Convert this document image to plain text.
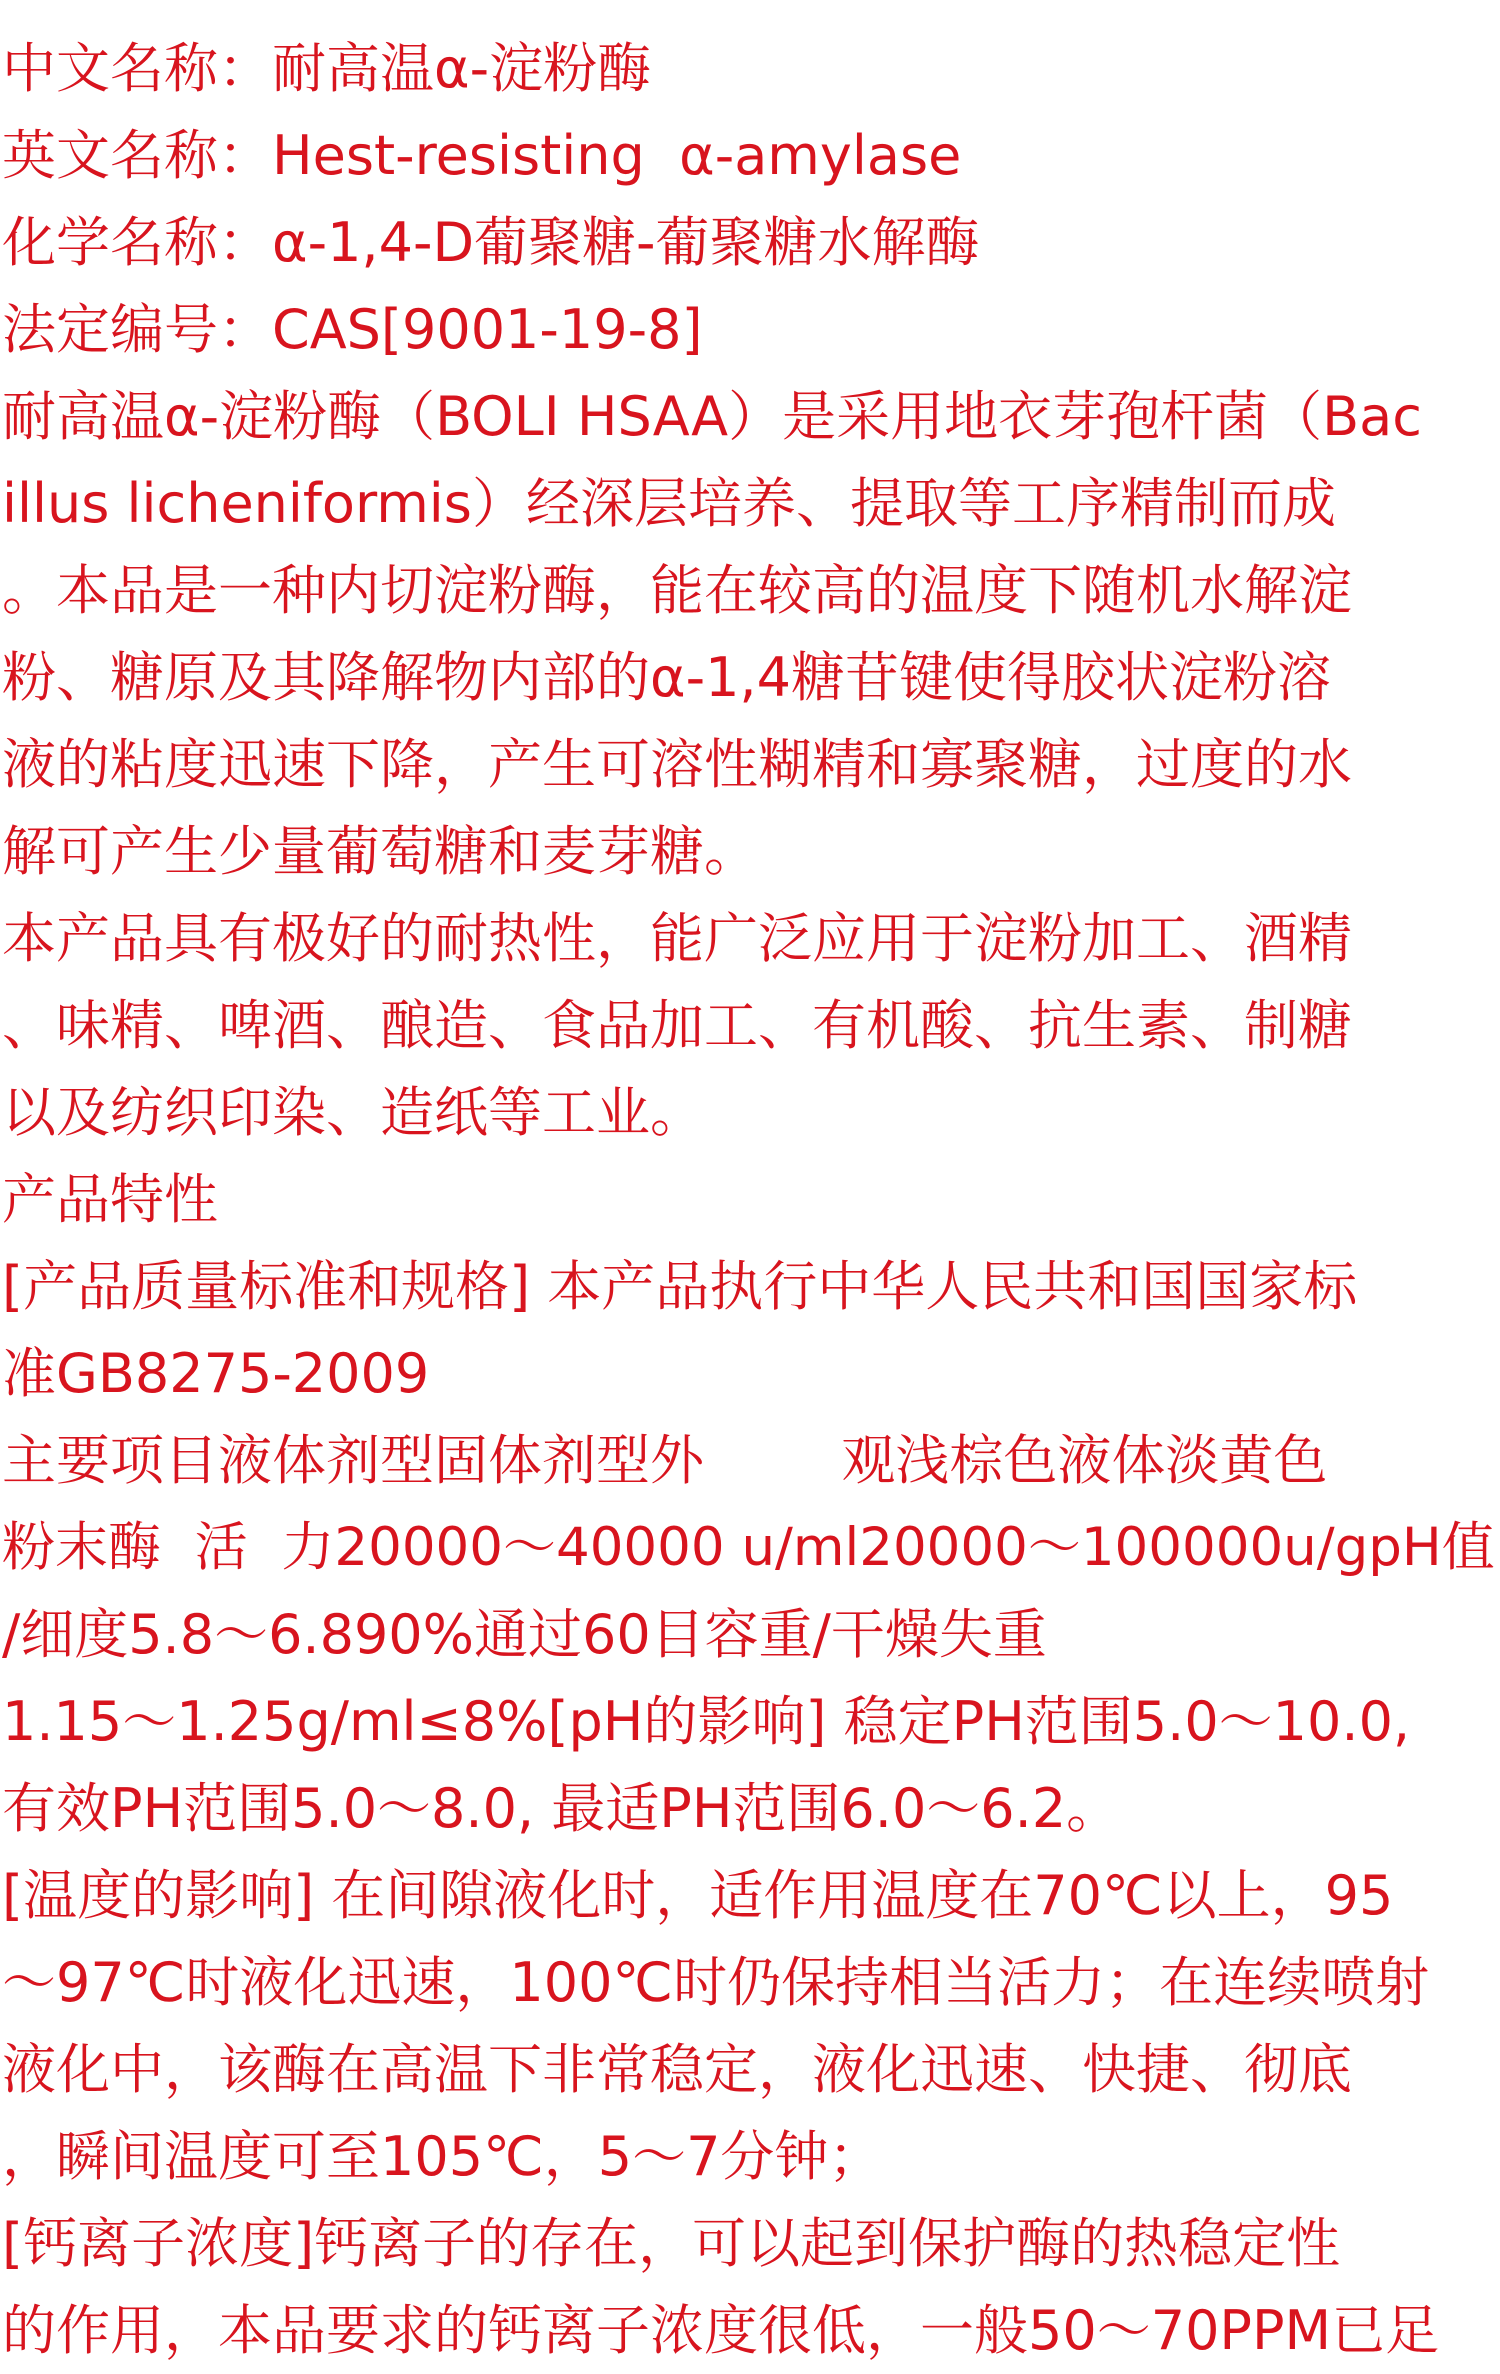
中文名称：耐高温α-淀粉酶
英文名称：Hest-resisting  α-amylase
化学名称：α-1,4-D葡聚糖-葡聚糖水解酶
法定编号：CAS[9001-19-8]
耐高温α-淀粉酶（BOLI HSAA）是采用地衣芽孢杆菌（Bac
illus licheniformis）经深层培养、提取等工序精制而成
。本品是一种内切淀粉酶，能在较高的温度下随机水解淀
粉、糖原及其降解物内部的α-1,4糖苷键使得胶状淀粉溶
液的粘度迅速下降，产生可溶性糊精和寡聚糖，过度的水
解可产生少量葡萄糖和麦芽糖。
本产品具有极好的耐热性，能广泛应用于淀粉加工、酒精
、味精、啤酒、酿造、食品加工、有机酸、抗生素、制糖
以及纺织印染、造纸等工业。
产品特性
[产品质量标准和规格] 本产品执行中华人民共和国国家标
准GB8275-2009
主要项目液体剂型固体剂型外        观浅棕色液体淡黄色
粉末酶  活  力20000～40000 u/ml20000～100000u/gpH值
/细度5.8～6.890%通过60目容重/干燥失重
1.15～1.25g/ml≤8%[pH的影响] 稳定PH范围5.0～10.0,
有效PH范围5.0～8.0, 最适PH范围6.0～6.2。
[温度的影响] 在间隙液化时，适作用温度在70℃以上，95
～97℃时液化迅速，100℃时仍保持相当活力；在连续喷射
液化中，该酶在高温下非常稳定，液化迅速、快捷、彻底
，瞬间温度可至105℃，5～7分钟；
[钙离子浓度]钙离子的存在，可以起到保护酶的热稳定性
的作用，本品要求的钙离子浓度很低，一般50～70PPM已足
